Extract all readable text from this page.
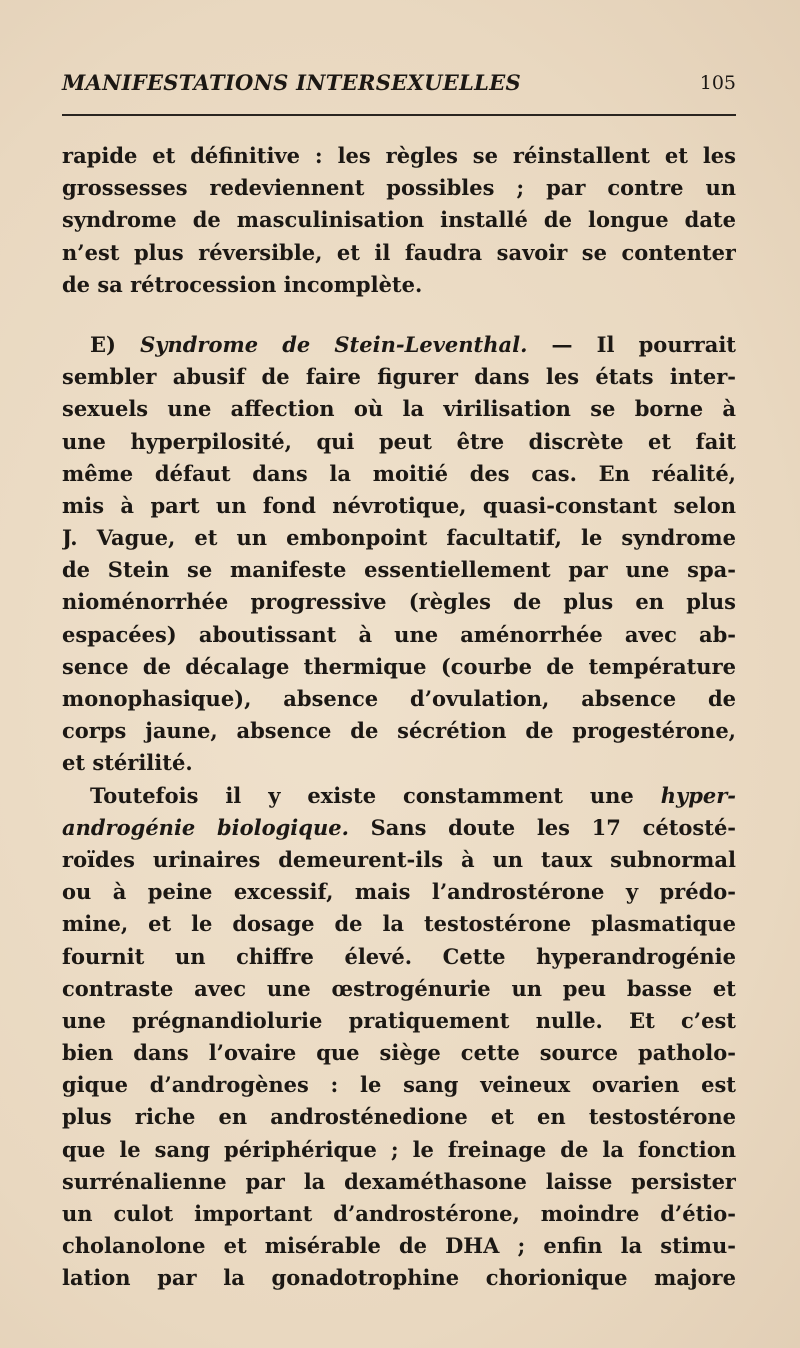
MANIFESTATIONS INTERSEXUELLES	105
rapide et définitive : les règles se réinstallent et les
grossesses redeviennent possibles ; par contre un
syndrome de masculinisation installé de longue date
n’est plus réversible, et il faudra savoir se contenter
de sa rétrocession incomplète.
E) Syndrome de Stein-Leventhal. — Il pourrait
sembler abusif de faire figurer dans les états inter-
sexuels une affection où la virilisation se borne à
une hyperpilosité, qui peut être discrète et fait
même défaut dans la moitié des cas. En réalité,
mis à part un fond névrotique, quasi-constant selon
J. Vague, et un embonpoint facultatif, le syndrome
de Stein se manifeste essentiellement par une spa-
nioménorrhée progressive (règles de plus en plus
espacées) aboutissant à une aménorrhée avec ab-
sence de décalage thermique (courbe de température
monophasique), absence d’ovulation, absence de
corps jaune, absence de sécrétion de progestérone,
et stérilité.
Toutefois il y existe constamment une hyper-
androgénie biologique. Sans doute les 17 cétosté-
roïdes urinaires demeurent-ils à un taux subnormal
ou à peine excessif, mais l’androstérone y prédo-
mine, et le dosage de la testostérone plasmatique
fournit un chiffre élevé. Cette hyperandrogénie
contraste avec une œstrogénurie un peu basse et
une prégnandiolurie pratiquement nulle. Et c’est
bien dans l’ovaire que siège cette source patholo-
gique d’androgènes : le sang veineux ovarien est
plus riche en androsténedione et en testostérone
que le sang périphérique ; le freinage de la fonction
surrénalienne par la dexaméthasone laisse persister
un culot important d’androstérone, moindre d’étio-
cholanolone et misérable de DHA ; enfin la stimu-
lation par la gonadotrophine chorionique majore
